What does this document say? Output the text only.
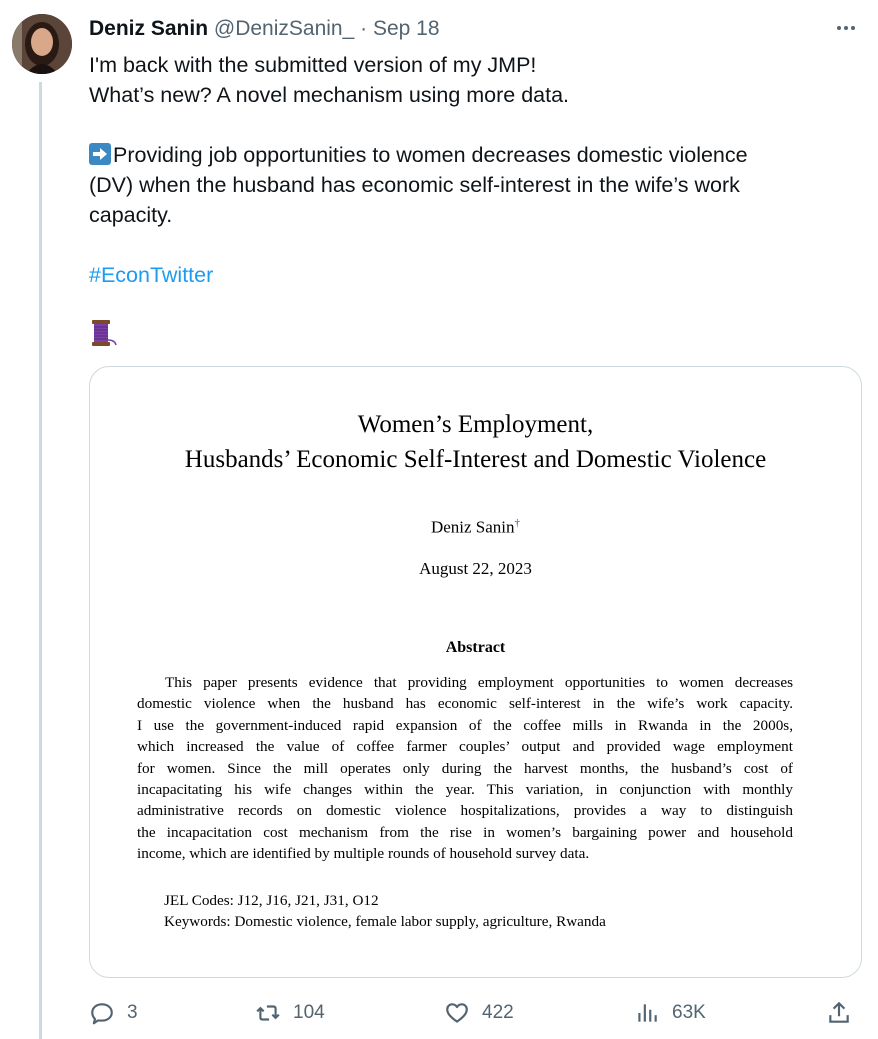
Deniz Sanin @DenizSanin_ · Sep 18
I'm back with the submitted version of my JMP!
What’s new? A novel mechanism using more data.
Providing job opportunities to women decreases domestic violence
(DV) when the husband has economic self-interest in the wife’s work
capacity.
#EconTwitter
Women’s Employment,
Husbands’ Economic Self-Interest and Domestic Violence
Deniz Sanin†
August 22, 2023
Abstract
This paper presents evidence that providing employment opportunities to women decreases
domestic violence when the husband has economic self-interest in the wife’s work capacity.
I use the government-induced rapid expansion of the coffee mills in Rwanda in the 2000s,
which increased the value of coffee farmer couples’ output and provided wage employment
for women. Since the mill operates only during the harvest months, the husband’s cost of
incapacitating his wife changes within the year. This variation, in conjunction with monthly
administrative records on domestic violence hospitalizations, provides a way to distinguish
the incapacitation cost mechanism from the rise in women’s bargaining power and household
income, which are identified by multiple rounds of household survey data.
JEL Codes: J12, J16, J21, J31, O12
Keywords: Domestic violence, female labor supply, agriculture, Rwanda
3	104	422	63K
